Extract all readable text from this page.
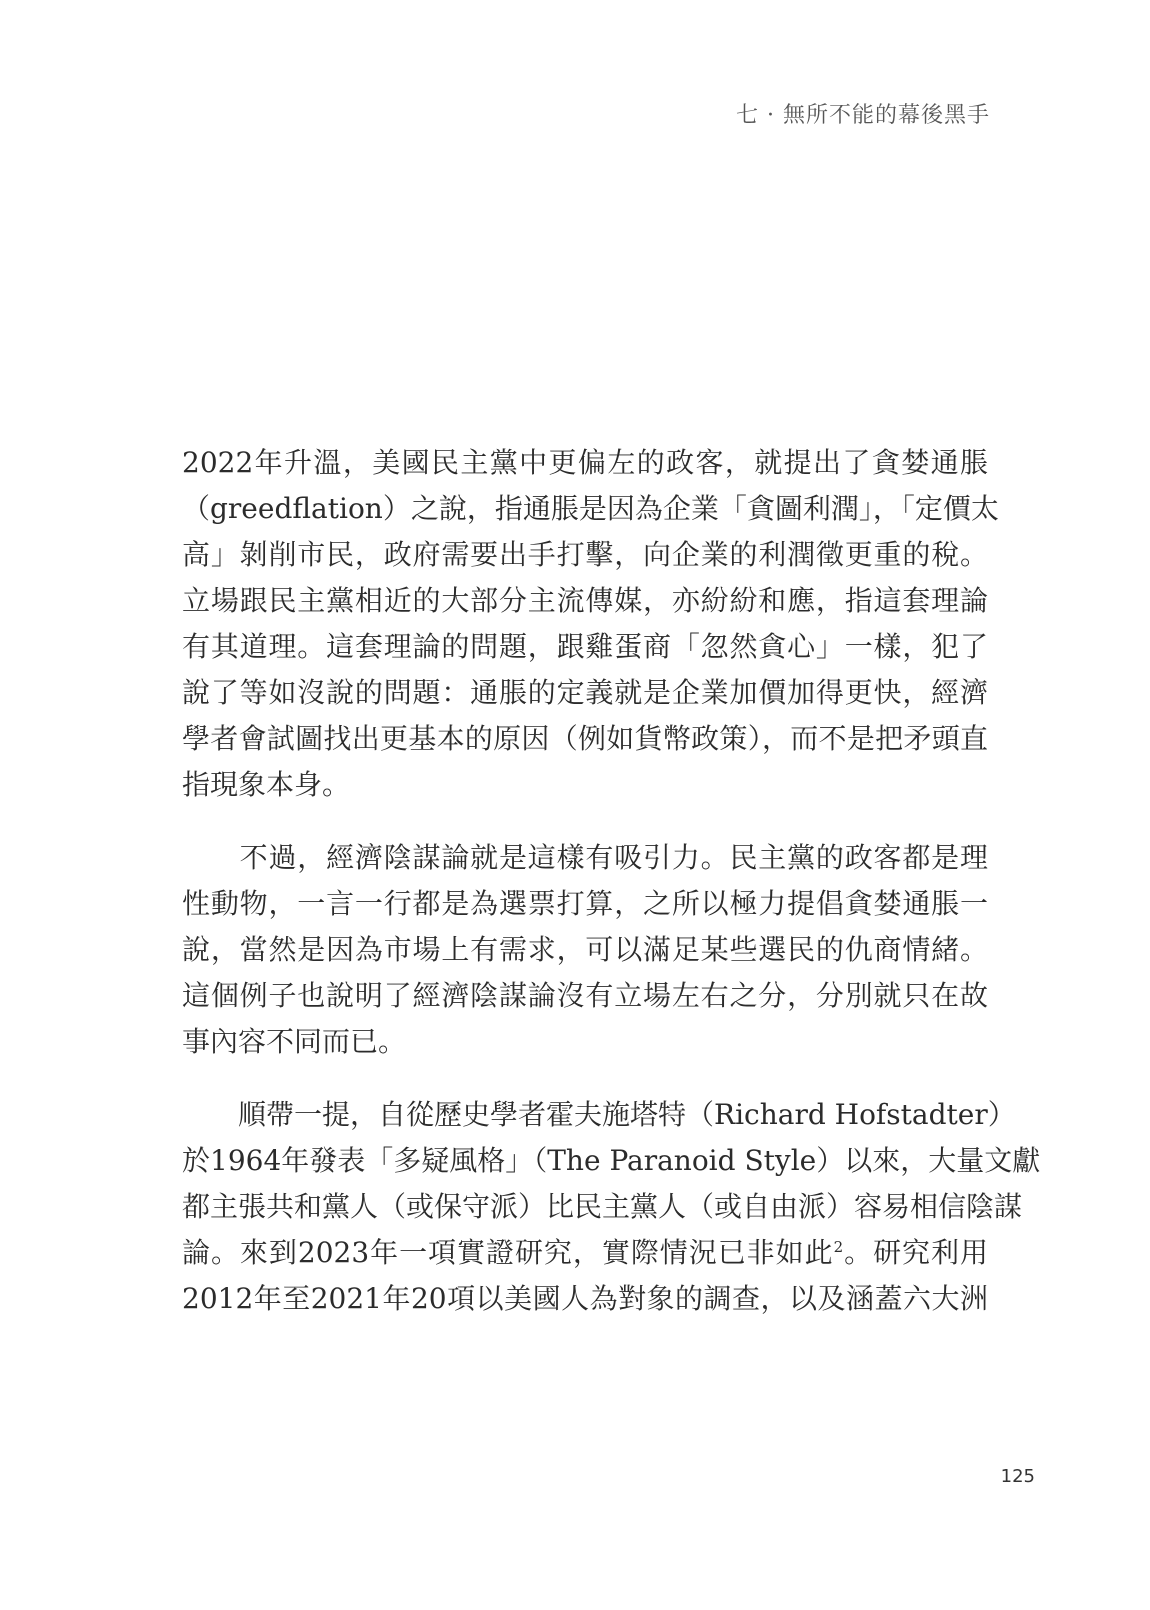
七 · 無所不能的幕後黑手
2022年升溫，美國民主黨中更偏左的政客，就提出了貪婪通脹
（greedflation）之說，指通脹是因為企業「貪圖利潤」，「定價太
高」剝削市民，政府需要出手打擊，向企業的利潤徵更重的稅。
立場跟民主黨相近的大部分主流傳媒，亦紛紛和應，指這套理論
有其道理。這套理論的問題，跟雞蛋商「忽然貪心」一樣，犯了
說了等如沒說的問題：通脹的定義就是企業加價加得更快，經濟
學者會試圖找出更基本的原因（例如貨幣政策），而不是把矛頭直
指現象本身。
　　不過，經濟陰謀論就是這樣有吸引力。民主黨的政客都是理
性動物，一言一行都是為選票打算，之所以極力提倡貪婪通脹一
說，當然是因為市場上有需求，可以滿足某些選民的仇商情緒。
這個例子也說明了經濟陰謀論沒有立場左右之分，分別就只在故
事內容不同而已。
　　順帶一提，自從歷史學者霍夫施塔特（Richard Hofstadter）
於1964年發表「多疑風格」（The Paranoid Style）以來，大量文獻
都主張共和黨人（或保守派）比民主黨人（或自由派）容易相信陰謀
論。來到2023年一項實證研究，實際情況已非如此$^2$。研究利用
2012年至2021年20項以美國人為對象的調查，以及涵蓋六大洲
125
